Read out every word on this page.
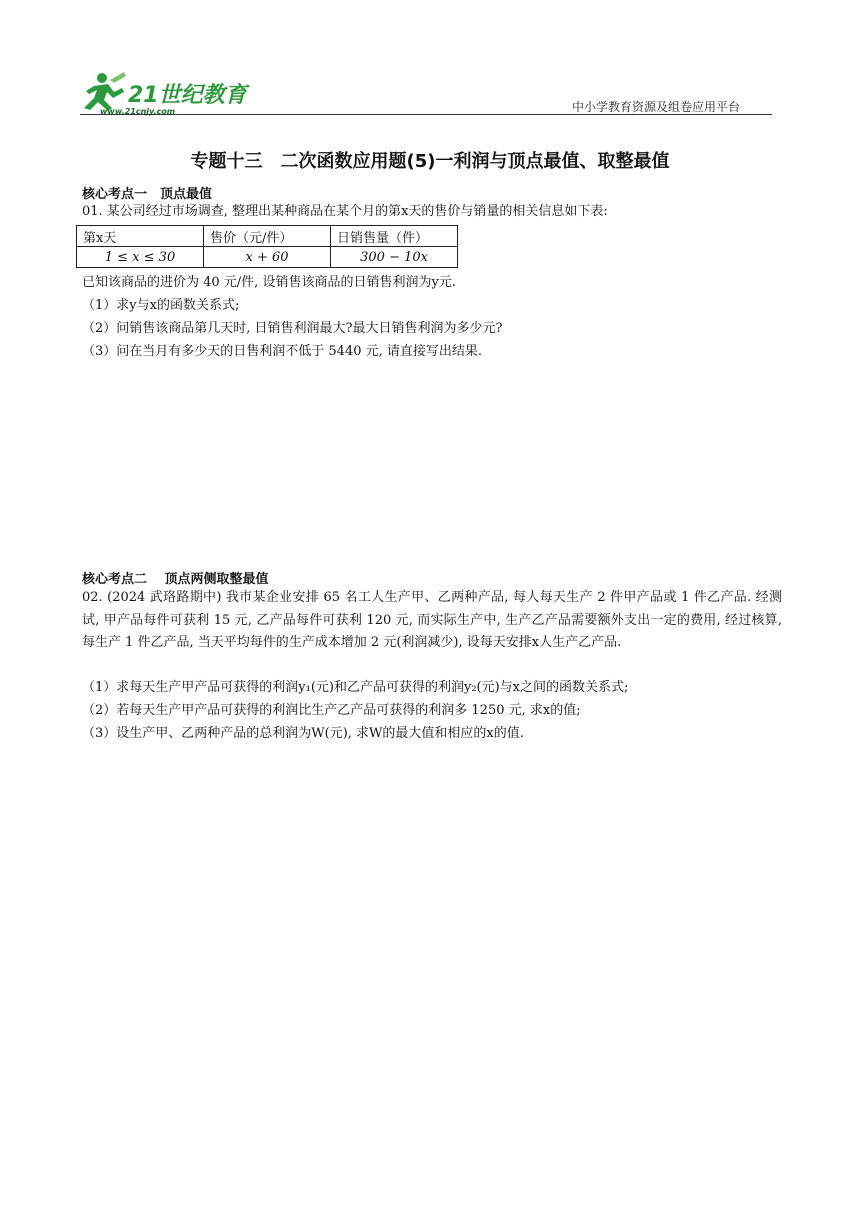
21世纪教育
www.21cnjy.com	中小学教育资源及组卷应用平台
专题十三　二次函数应用题(5)一利润与顶点最值、取整最值
核心考点一　顶点最值
01. 某公司经过市场调查, 整理出某种商品在某个月的第x天的售价与销量的相关信息如下表:
第x天	售价（元/件）	日销售量（件）
1 ≤ x ≤ 30	x + 60	300 − 10x
已知该商品的进价为 40 元/件, 设销售该商品的日销售利润为y元.
（1）求y与x的函数关系式;
（2）问销售该商品第几天时, 日销售利润最大?最大日销售利润为多少元?
（3）问在当月有多少天的日售利润不低于 5440 元, 请直接写出结果.
核心考点二　 顶点两侧取整最值
02. (2024 武珞路期中) 我市某企业安排 65 名工人生产甲、乙两种产品, 每人每天生产 2 件甲产品或 1 件乙产品. 经测试, 甲产品每件可获利 15 元, 乙产品每件可获利 120 元, 而实际生产中, 生产乙产品需要额外支出一定的费用, 经过核算, 每生产 1 件乙产品, 当天平均每件的生产成本增加 2 元(利润减少), 设每天安排x人生产乙产品.
（1）求每天生产甲产品可获得的利润y₁(元)和乙产品可获得的利润y₂(元)与x之间的函数关系式;
（2）若每天生产甲产品可获得的利润比生产乙产品可获得的利润多 1250 元, 求x的值;
（3）设生产甲、乙两种产品的总利润为W(元), 求W的最大值和相应的x的值.
